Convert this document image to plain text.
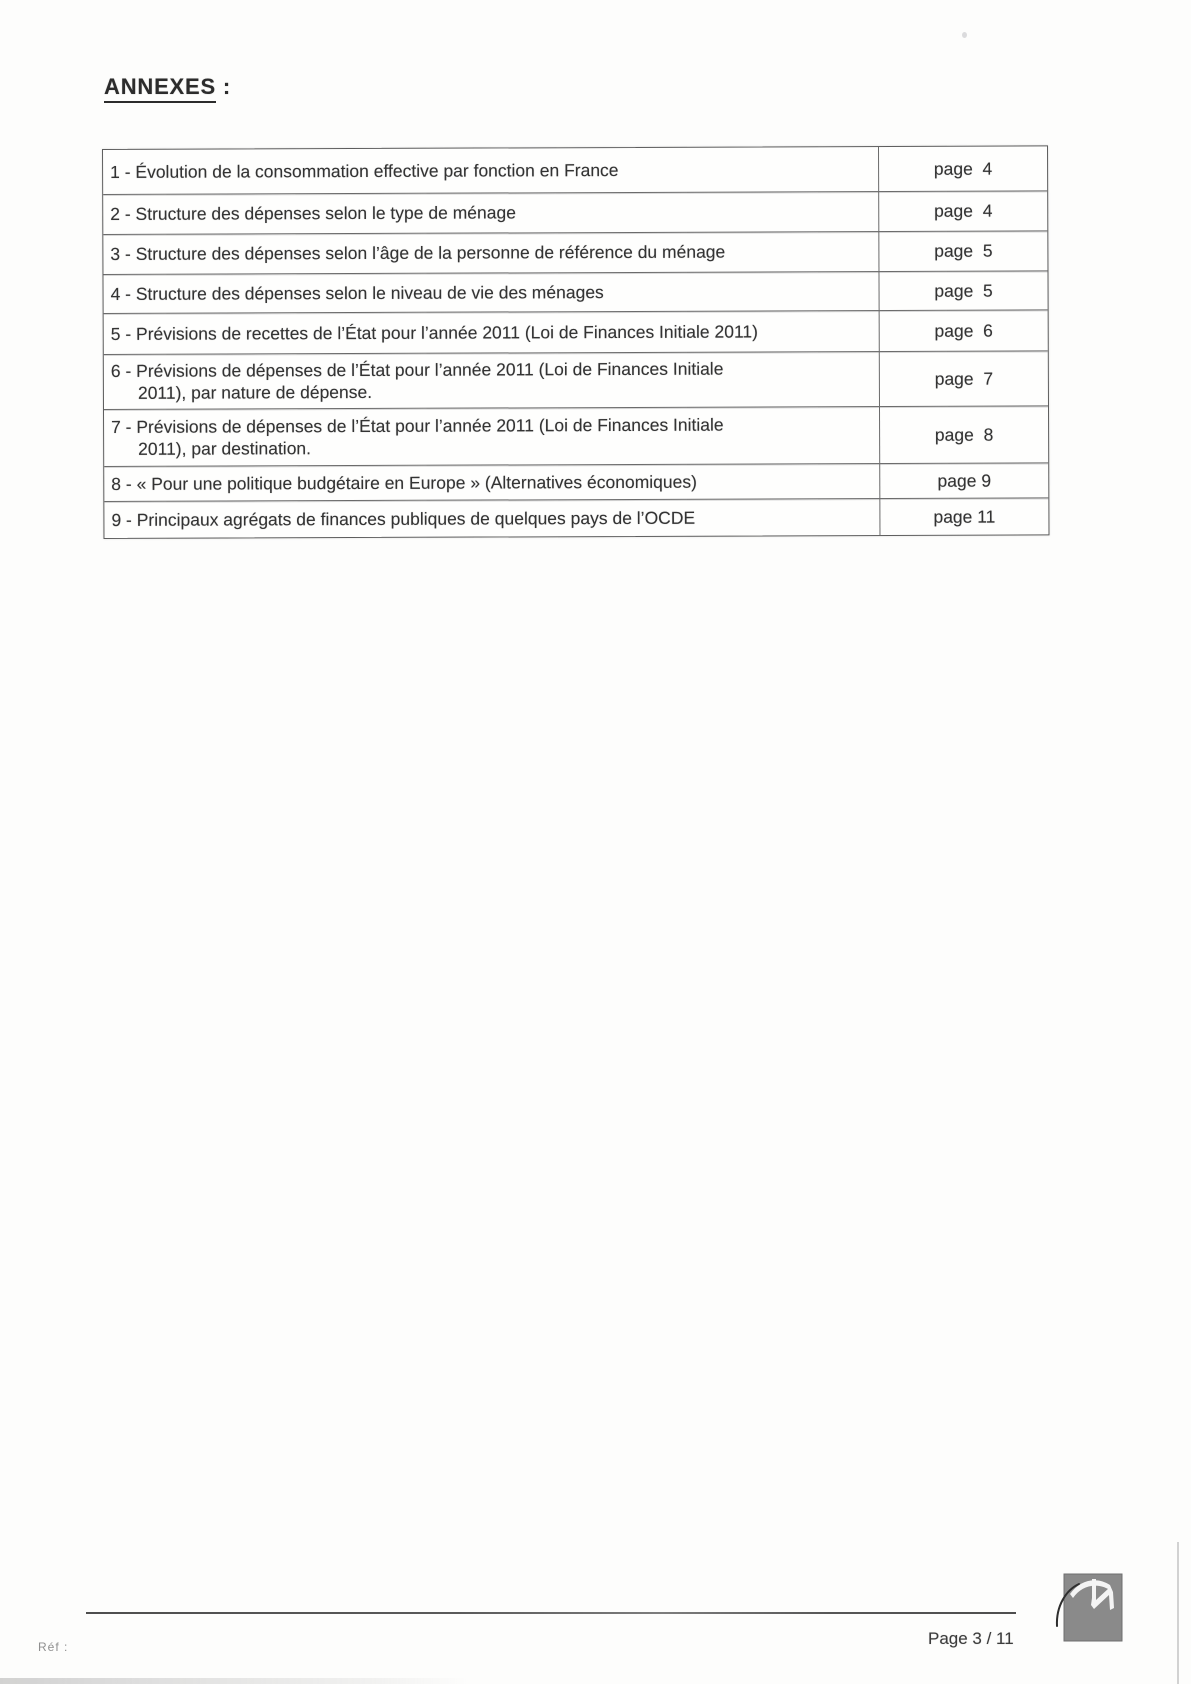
ANNEXES :
1 - Évolution de la consommation effective par fonction en France	page  4
2 - Structure des dépenses selon le type de ménage	page  4
3 - Structure des dépenses selon l’âge de la personne de référence du ménage	page  5
4 - Structure des dépenses selon le niveau de vie des ménages	page  5
5 - Prévisions de recettes de l’État pour l’année 2011 (Loi de Finances Initiale 2011)	page  6
6 - Prévisions de dépenses de l’État pour l’année 2011 (Loi de Finances Initiale
2011), par nature de dépense.
page  7
7 - Prévisions de dépenses de l’État pour l’année 2011 (Loi de Finances Initiale
2011), par destination.
page  8
8 - « Pour une politique budgétaire en Europe » (Alternatives économiques)	page 9
9 - Principaux agrégats de finances publiques de quelques pays de l’OCDE	page 11
Réf :	Page 3 / 11
